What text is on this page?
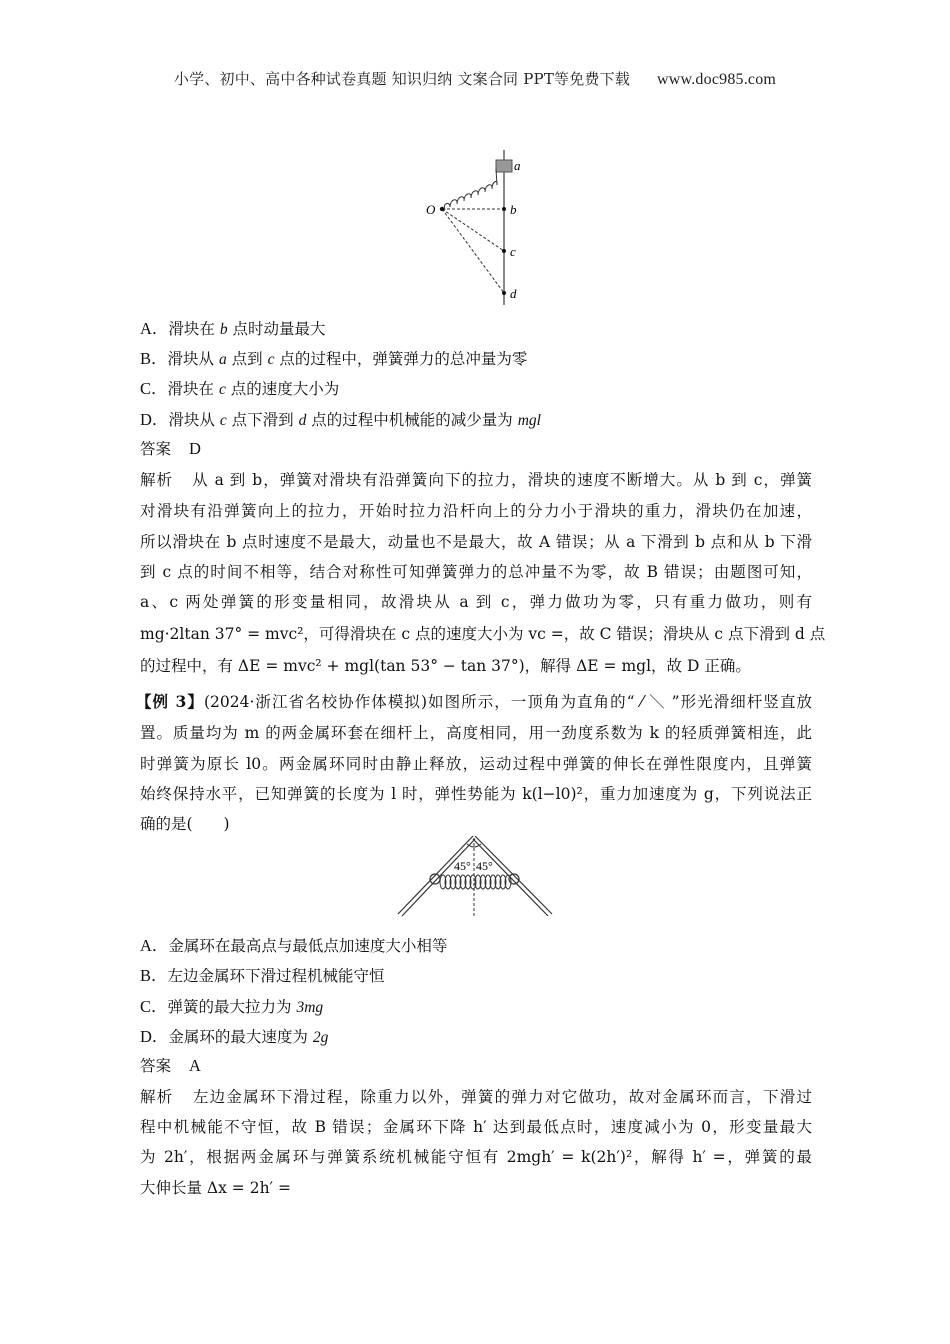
小学、初中、高中各种试卷真题 知识归纳 文案合同 PPT等免费下载 www.doc985.com
a
b
c
d
O
A．滑块在 b 点时动量最大
B．滑块从 a 点到 c 点的过程中，弹簧弹力的总冲量为零
C．滑块在 c 点的速度大小为
D．滑块从 c 点下滑到 d 点的过程中机械能的减少量为 mgl
答案 D
解析 从 a 到 b，弹簧对滑块有沿弹簧向下的拉力，滑块的速度不断增大。从 b 到 c，弹簧
对滑块有沿弹簧向上的拉力，开始时拉力沿杆向上的分力小于滑块的重力，滑块仍在加速，
所以滑块在 b 点时速度不是最大，动量也不是最大，故 A 错误；从 a 下滑到 b 点和从 b 下滑
到 c 点的时间不相等，结合对称性可知弹簧弹力的总冲量不为零，故 B 错误；由题图可知，
a、c 两处弹簧的形变量相同，故滑块从 a 到 c，弹力做功为零，只有重力做功，则有
mg·2ltan 37° = mvc²，可得滑块在 c 点的速度大小为 vc =，故 C 错误；滑块从 c 点下滑到 d 点
的过程中，有 ΔE = mvc² + mgl(tan 53° − tan 37°)，解得 ΔE = mgl，故 D 正确。
【例 3】(2024·浙江省名校协作体模拟)如图所示，一顶角为直角的“ ⁄ ＼ ”形光滑细杆竖直放
置。质量均为 m 的两金属环套在细杆上，高度相同，用一劲度系数为 k 的轻质弹簧相连，此
时弹簧为原长 l0。两金属环同时由静止释放，运动过程中弹簧的伸长在弹性限度内，且弹簧
始终保持水平，已知弹簧的长度为 l 时，弹性势能为 k(l−l0)²，重力加速度为 g，下列说法正
确的是(　　)
45° 45°
A．金属环在最高点与最低点加速度大小相等
B．左边金属环下滑过程机械能守恒
C．弹簧的最大拉力为 3mg
D．金属环的最大速度为 2g
答案 A
解析 左边金属环下滑过程，除重力以外，弹簧的弹力对它做功，故对金属环而言，下滑过
程中机械能不守恒，故 B 错误；金属环下降 h′ 达到最低点时，速度减小为 0，形变量最大
为 2h′，根据两金属环与弹簧系统机械能守恒有 2mgh′ = k(2h′)²，解得 h′ =，弹簧的最
大伸长量 Δx = 2h′ =
